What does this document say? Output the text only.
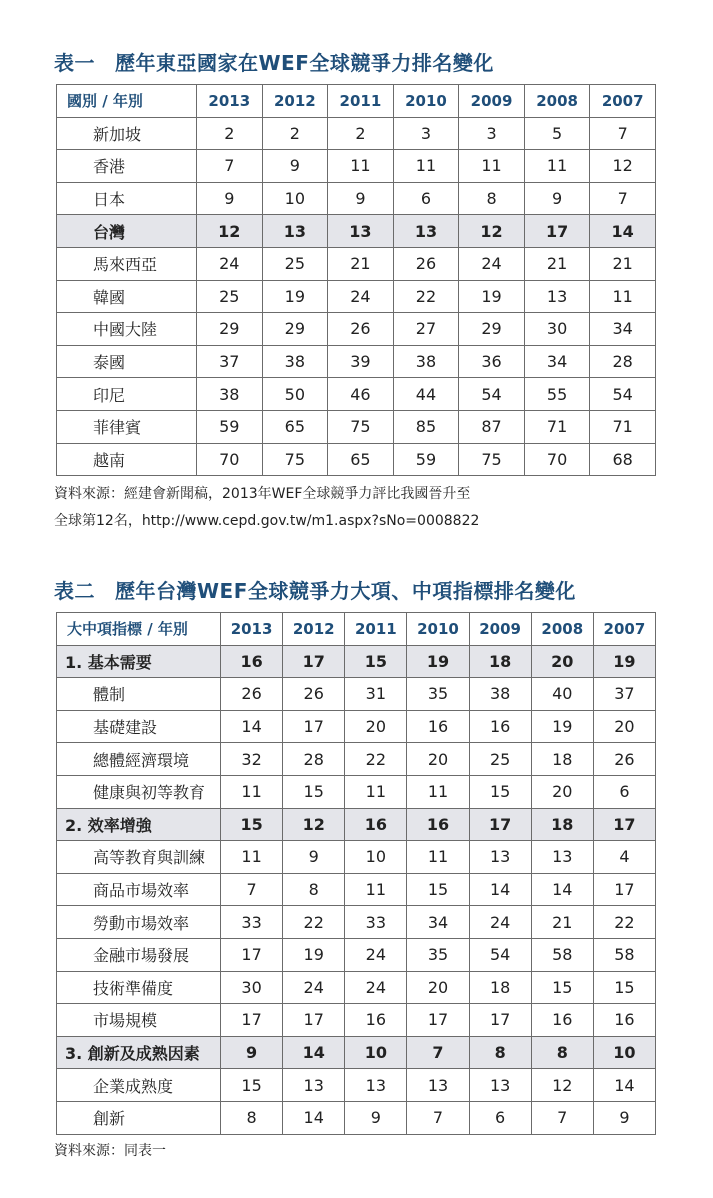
表一 歷年東亞國家在WEF全球競爭力排名變化
國別 / 年別	2013	2012	2011	2010	2009	2008	2007
新加坡	2	2	2	3	3	5	7
香港	7	9	11	11	11	11	12
日本	9	10	9	6	8	9	7
台灣	12	13	13	13	12	17	14
馬來西亞	24	25	21	26	24	21	21
韓國	25	19	24	22	19	13	11
中國大陸	29	29	26	27	29	30	34
泰國	37	38	39	38	36	34	28
印尼	38	50	46	44	54	55	54
菲律賓	59	65	75	85	87	71	71
越南	70	75	65	59	75	70	68

資料來源：經建會新聞稿，2013年WEF全球競爭力評比我國晉升至

全球第12名，http://www.cepd.gov.tw/m1.aspx?sNo=0008822

表二 歷年台灣WEF全球競爭力大項、中項指標排名變化
大中項指標 / 年別	2013	2012	2011	2010	2009	2008	2007
1. 基本需要	16	17	15	19	18	20	19
體制	26	26	31	35	38	40	37
基礎建設	14	17	20	16	16	19	20
總體經濟環境	32	28	22	20	25	18	26
健康與初等教育	11	15	11	11	15	20	6
2. 效率增強	15	12	16	16	17	18	17
高等教育與訓練	11	9	10	11	13	13	4
商品市場效率	7	8	11	15	14	14	17
勞動市場效率	33	22	33	34	24	21	22
金融市場發展	17	19	24	35	54	58	58
技術準備度	30	24	24	20	18	15	15
市場規模	17	17	16	17	17	16	16
3. 創新及成熟因素	9	14	10	7	8	8	10
企業成熟度	15	13	13	13	13	12	14
創新	8	14	9	7	6	7	9

資料來源：同表一
